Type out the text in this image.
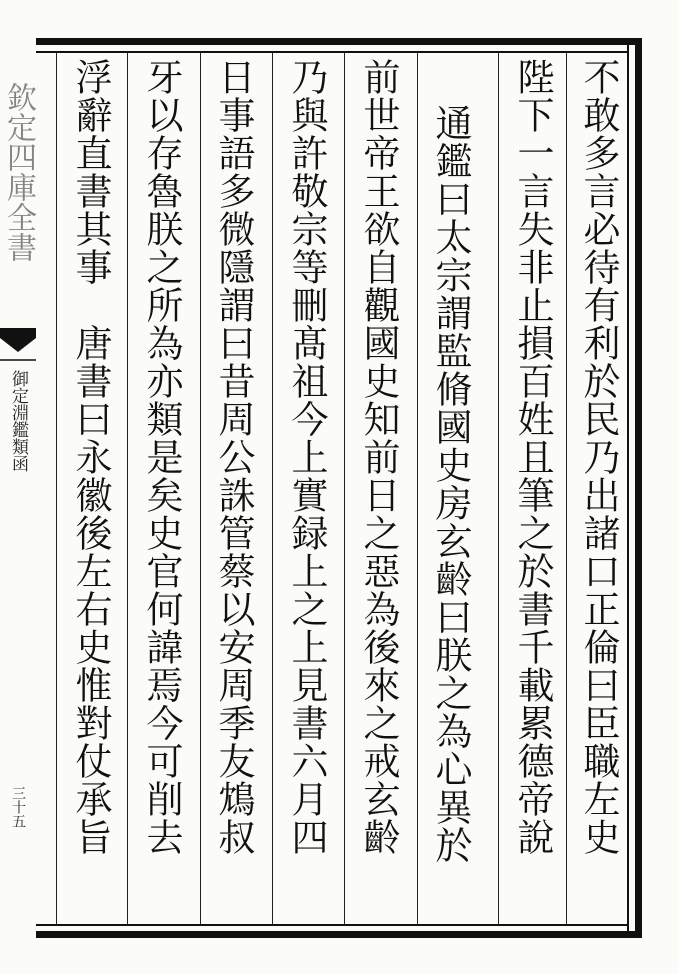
欽定四庫全書
御定淵鑑類函
三十五	不敢多言必待有利於民乃出諸口正倫曰臣職左史
陛下一言失非止損百姓且筆之於書千載累德帝說
通鑑曰太宗謂監脩國史房玄齡曰朕之為心異於
前世帝王欲自觀國史知前日之惡為後來之戒玄齡
乃與許敬宗等刪髙祖今上實録上之上見書六月四
日事語多微隱謂曰昔周公誅管蔡以安周季友鴆叔
牙以存魯朕之所為亦類是矣史官何諱焉今可削去
浮辭直書其事　唐書曰永徽後左右史惟對仗承旨
